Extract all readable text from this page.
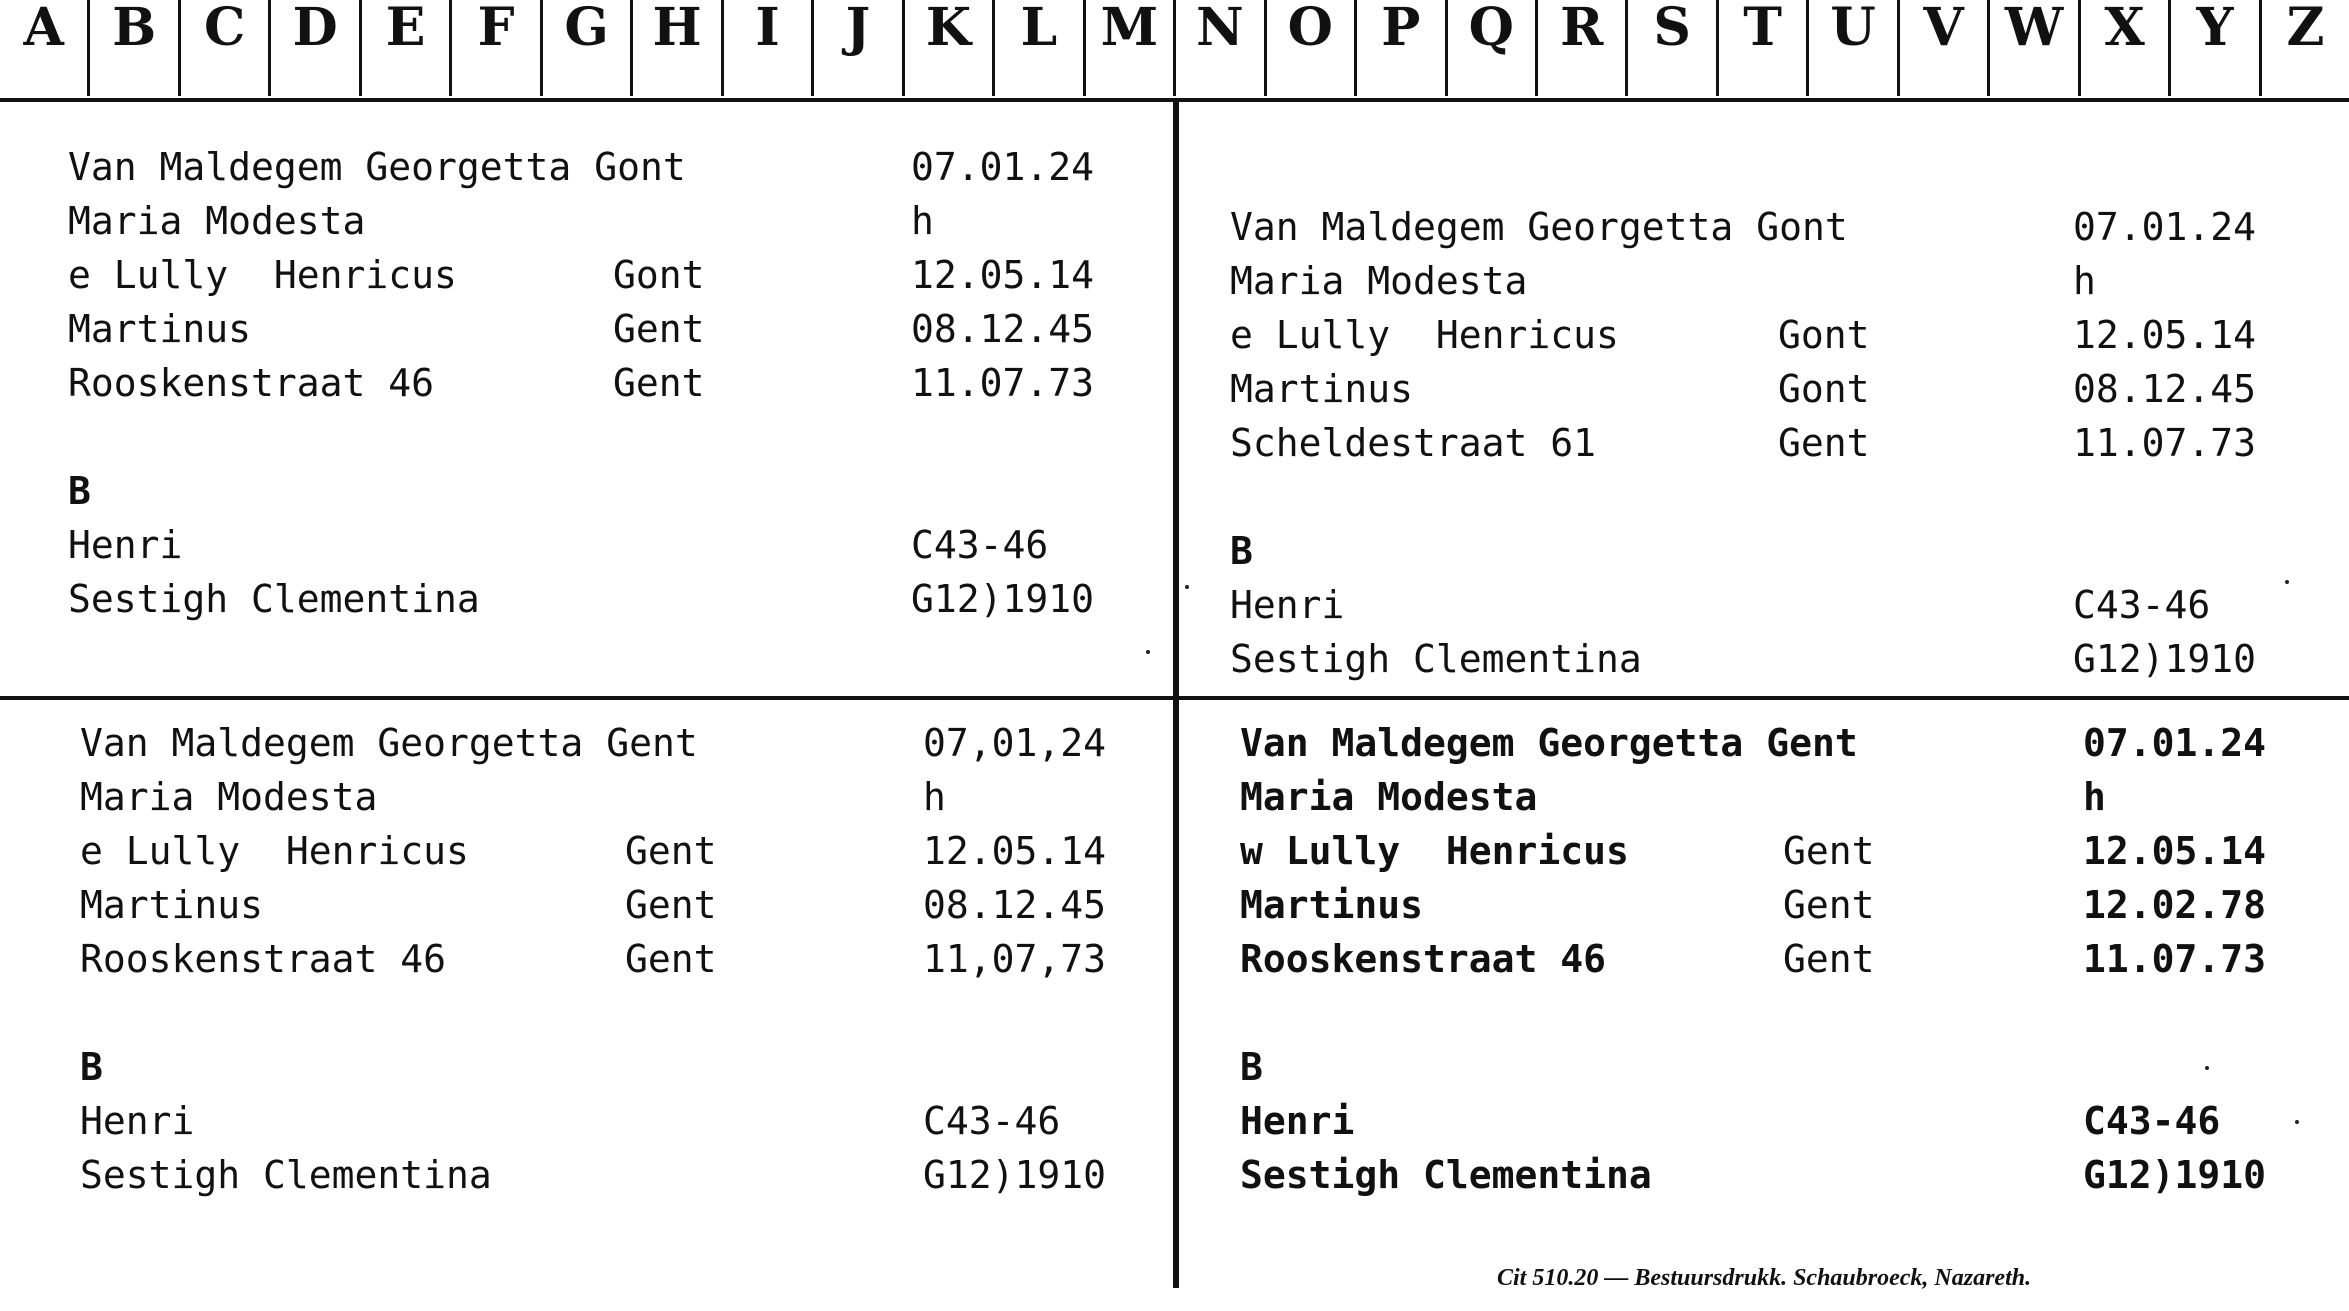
A B C D E	F G H	I	J	K L M N O P Q R S	T U V W X Y	Z
Van Maldegem Georgetta Gont	07.01.24
Maria Modesta	h
e Lully  Henricus	Gont	12.05.14
Martinus	Gent	08.12.45
Rooskenstraat 46	Gent	11.07.73
B
Henri	C43-46
Sestigh Clementina	G12)1910
Van Maldegem Georgetta Gont	07.01.24
Maria Modesta	h
e Lully  Henricus	Gont	12.05.14
Martinus	Gont	08.12.45
Scheldestraat 61	Gent	11.07.73
B
Henri	C43-46
Sestigh Clementina	G12)1910
Van Maldegem Georgetta Gent	07,01,24
Maria Modesta	h
e Lully  Henricus	Gent	12.05.14
Martinus	Gent	08.12.45
Rooskenstraat 46	Gent	11,07,73
B
Henri	C43-46
Sestigh Clementina	G12)1910
Van Maldegem Georgetta Gent	07.01.24
Maria Modesta	h
w Lully  Henricus	Gent	12.05.14
Martinus	Gent	12.02.78
Rooskenstraat 46	Gent	11.07.73
B
Henri	C43-46
Sestigh Clementina	G12)1910
Cit 510.20 — Bestuursdrukk. Schaubroeck, Nazareth.
